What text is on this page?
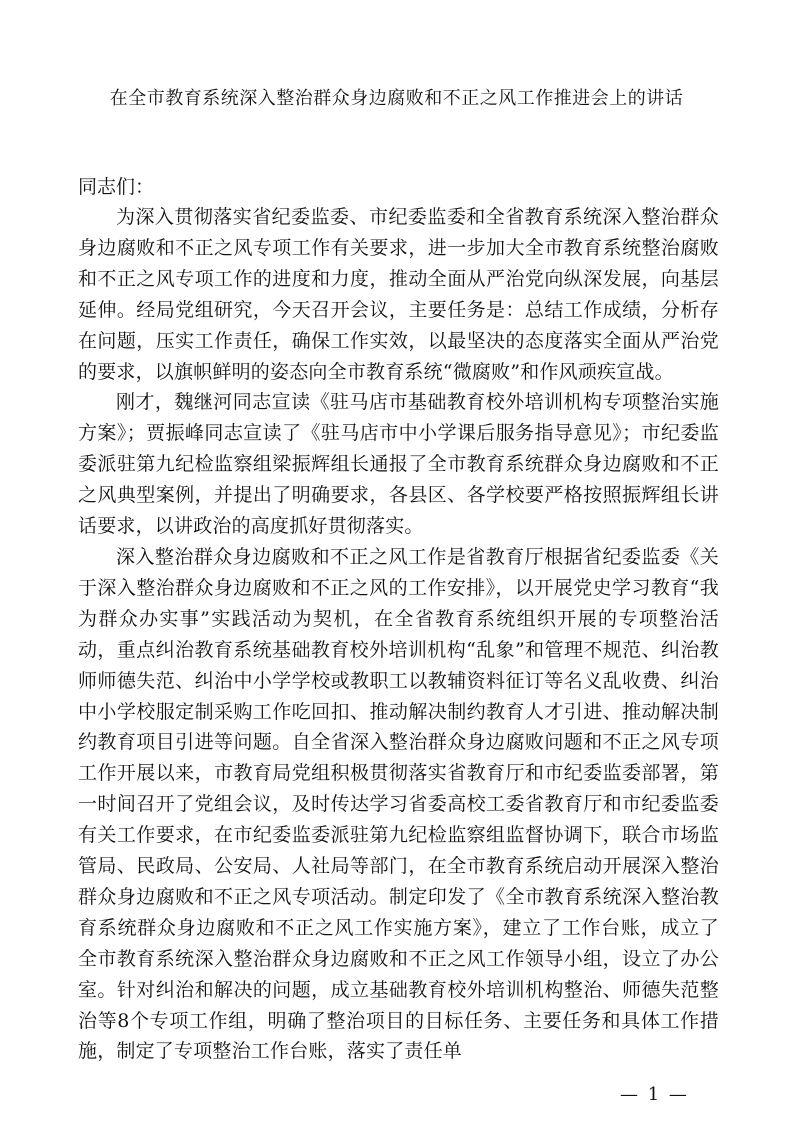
在全市教育系统深入整治群众身边腐败和不正之风工作推进会上的讲话
同志们：

为深入贯彻落实省纪委监委、市纪委监委和全省教育系统深入整治群众身边腐败和不正之风专项工作有关要求，进一步加大全市教育系统整治腐败和不正之风专项工作的进度和力度，推动全面从严治党向纵深发展，向基层延伸。经局党组研究，今天召开会议，主要任务是：总结工作成绩，分析存在问题，压实工作责任，确保工作实效，以最坚决的态度落实全面从严治党的要求，以旗帜鲜明的姿态向全市教育系统“微腐败”和作风顽疾宣战。

刚才，魏继河同志宣读《驻马店市基础教育校外培训机构专项整治实施方案》；贾振峰同志宣读了《驻马店市中小学课后服务指导意见》；市纪委监委派驻第九纪检监察组梁振辉组长通报了全市教育系统群众身边腐败和不正之风典型案例，并提出了明确要求，各县区、各学校要严格按照振辉组长讲话要求，以讲政治的高度抓好贯彻落实。

深入整治群众身边腐败和不正之风工作是省教育厅根据省纪委监委《关于深入整治群众身边腐败和不正之风的工作安排》，以开展党史学习教育“我为群众办实事”实践活动为契机，在全省教育系统组织开展的专项整治活动，重点纠治教育系统基础教育校外培训机构“乱象”和管理不规范、纠治教师师德失范、纠治中小学学校或教职工以教辅资料征订等名义乱收费、纠治中小学校服定制采购工作吃回扣、推动解决制约教育人才引进、推动解决制约教育项目引进等问题。自全省深入整治群众身边腐败问题和不正之风专项工作开展以来，市教育局党组积极贯彻落实省教育厅和市纪委监委部署，第一时间召开了党组会议，及时传达学习省委高校工委省教育厅和市纪委监委有关工作要求，在市纪委监委派驻第九纪检监察组监督协调下，联合市场监管局、民政局、公安局、人社局等部门，在全市教育系统启动开展深入整治群众身边腐败和不正之风专项活动。制定印发了《全市教育系统深入整治教育系统群众身边腐败和不正之风工作实施方案》，建立了工作台账，成立了全市教育系统深入整治群众身边腐败和不正之风工作领导小组，设立了办公室。针对纠治和解决的问题，成立基础教育校外培训机构整治、师德失范整治等8个专项工作组，明确了整治项目的目标任务、主要任务和具体工作措施，制定了专项整治工作台账，落实了责任单

— 1 —
